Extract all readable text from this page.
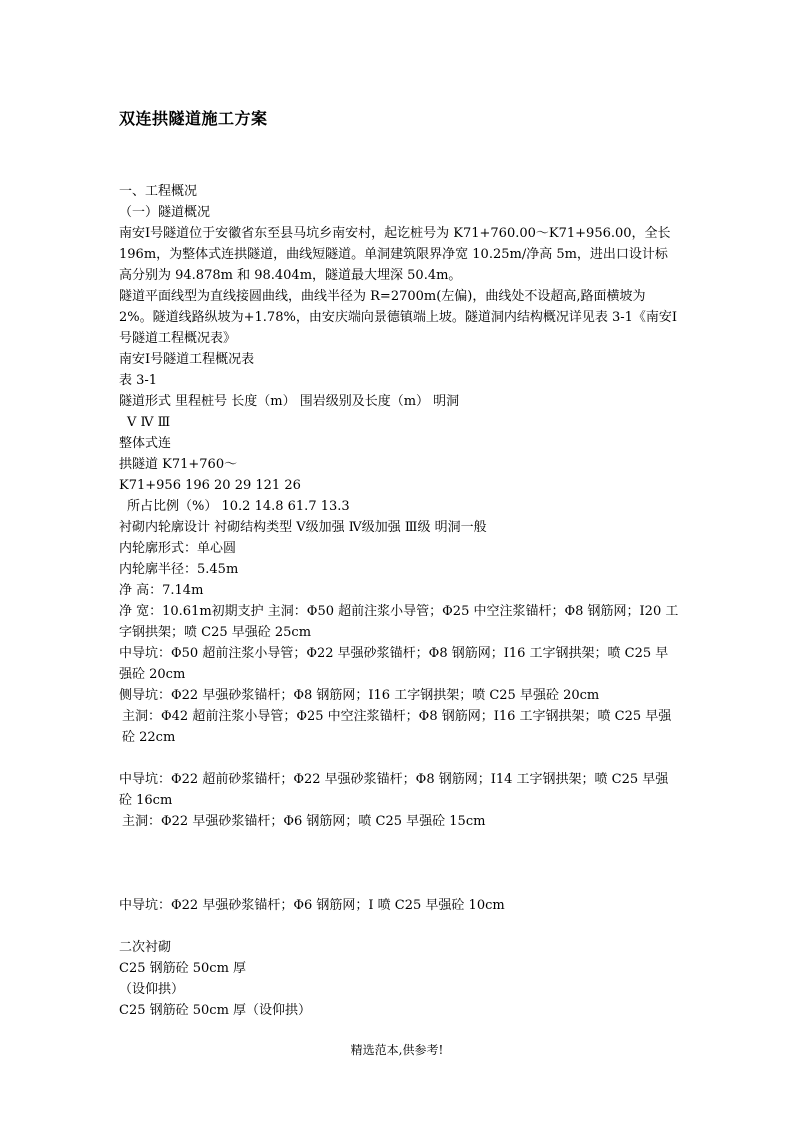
双连拱隧道施工方案
一、工程概况
（一）隧道概况
南安Ⅰ号隧道位于安徽省东至县马坑乡南安村，起讫桩号为 K71+760.00～K71+956.00，全长 196m，为整体式连拱隧道，曲线短隧道。单洞建筑限界净宽 10.25m/净高 5m，进出口设计标高分别为 94.878m 和 98.404m，隧道最大埋深 50.4m。
隧道平面线型为直线接圆曲线，曲线半径为 R=2700m(左偏)，曲线处不设超高,路面横坡为 2%。隧道线路纵坡为+1.78%，由安庆端向景德镇端上坡。隧道洞内结构概况详见表 3-1《南安Ⅰ号隧道工程概况表》
南安Ⅰ号隧道工程概况表
表 3-1
隧道形式 里程桩号 长度（m） 围岩级别及长度（m） 明洞
Ⅴ Ⅳ Ⅲ
整体式连
拱隧道 K71+760～
K71+956 196 20 29 121 26
所占比例（%） 10.2 14.8 61.7 13.3
衬砌内轮廓设计 衬砌结构类型 Ⅴ级加强 Ⅳ级加强 Ⅲ级 明洞一般
内轮廓形式：单心圆
内轮廓半径：5.45m
净 高：7.14m
净 宽：10.61m初期支护 主洞：Φ50 超前注浆小导管；Φ25 中空注浆锚杆；Φ8 钢筋网；I20 工字钢拱架；喷 C25 早强砼 25cm
中导坑：Φ50 超前注浆小导管；Φ22 早强砂浆锚杆；Φ8 钢筋网；I16 工字钢拱架；喷 C25 早强砼 20cm
侧导坑：Φ22 早强砂浆锚杆；Φ8 钢筋网；I16 工字钢拱架；喷 C25 早强砼 20cm
主洞：Φ42 超前注浆小导管；Φ25 中空注浆锚杆；Φ8 钢筋网；I16 工字钢拱架；喷 C25 早强砼 22cm
中导坑：Φ22 超前砂浆锚杆；Φ22 早强砂浆锚杆；Φ8 钢筋网；I14 工字钢拱架；喷 C25 早强砼 16cm
主洞：Φ22 早强砂浆锚杆；Φ6 钢筋网；喷 C25 早强砼 15cm
中导坑：Φ22 早强砂浆锚杆；Φ6 钢筋网；I 喷 C25 早强砼 10cm
二次衬砌
C25 钢筋砼 50cm 厚
（设仰拱）
C25 钢筋砼 50cm 厚（设仰拱）
精选范本,供参考!
